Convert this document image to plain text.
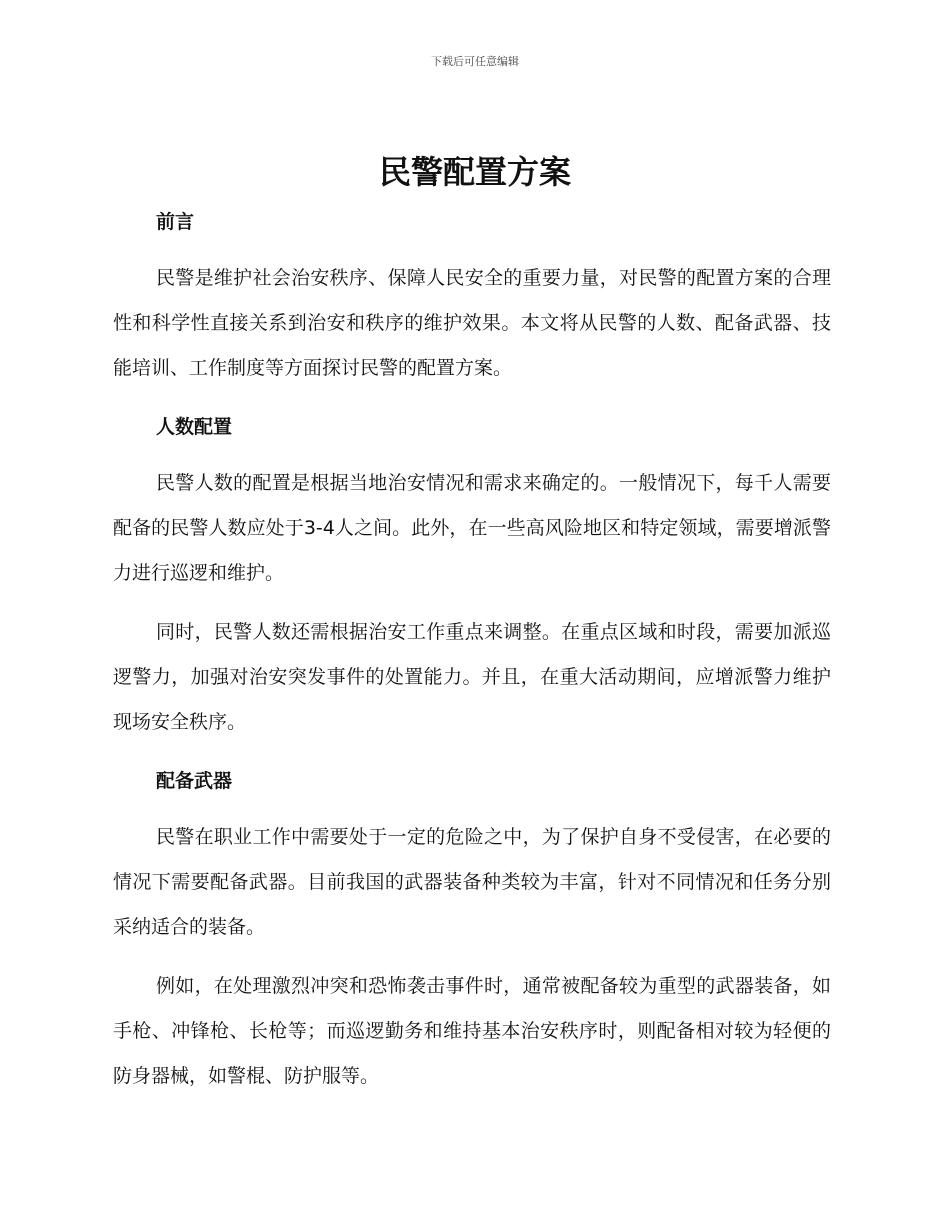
下载后可任意编辑
民警配置方案
前言

民警是维护社会治安秩序、保障人民安全的重要力量，对民警的配置方案的合理性和科学性直接关系到治安和秩序的维护效果。本文将从民警的人数、配备武器、技能培训、工作制度等方面探讨民警的配置方案。

人数配置

民警人数的配置是根据当地治安情况和需求来确定的。一般情况下，每千人需要配备的民警人数应处于3-4人之间。此外，在一些高风险地区和特定领域，需要增派警力进行巡逻和维护。

同时，民警人数还需根据治安工作重点来调整。在重点区域和时段，需要加派巡逻警力，加强对治安突发事件的处置能力。并且，在重大活动期间，应增派警力维护现场安全秩序。

配备武器

民警在职业工作中需要处于一定的危险之中，为了保护自身不受侵害，在必要的情况下需要配备武器。目前我国的武器装备种类较为丰富，针对不同情况和任务分别采纳适合的装备。

例如，在处理激烈冲突和恐怖袭击事件时，通常被配备较为重型的武器装备，如手枪、冲锋枪、长枪等；而巡逻勤务和维持基本治安秩序时，则配备相对较为轻便的防身器械，如警棍、防护服等。
